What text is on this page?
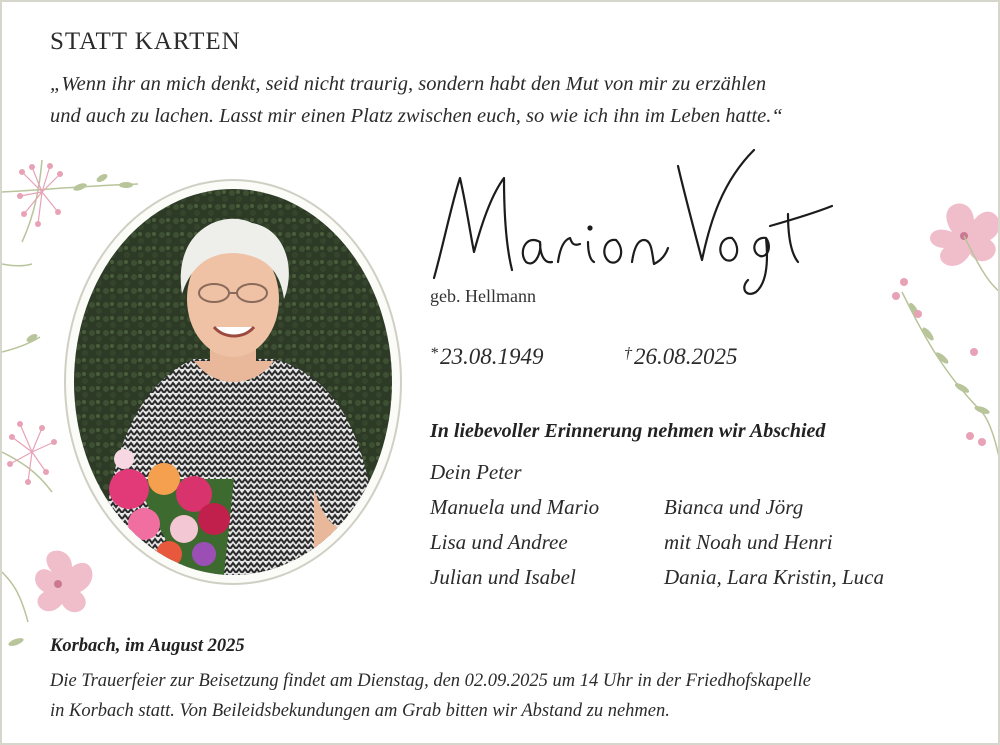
STATT KARTEN
„Wenn ihr an mich denkt, seid nicht traurig, sondern habt den Mut von mir zu erzählen
und auch zu lachen. Lasst mir einen Platz zwischen euch, so wie ich ihn im Leben hatte.“
geb. Hellmann
*23.08.1949	†26.08.2025
In liebevoller Erinnerung nehmen wir Abschied
Dein Peter
Manuela und Mario
Lisa und Andree
Julian und Isabel
Bianca und Jörg
mit Noah und Henri
Dania, Lara Kristin, Luca
Korbach, im August 2025
Die Trauerfeier zur Beisetzung findet am Dienstag, den 02.09.2025 um 14 Uhr in der Friedhofskapelle
in Korbach statt. Von Beileidsbekundungen am Grab bitten wir Abstand zu nehmen.
